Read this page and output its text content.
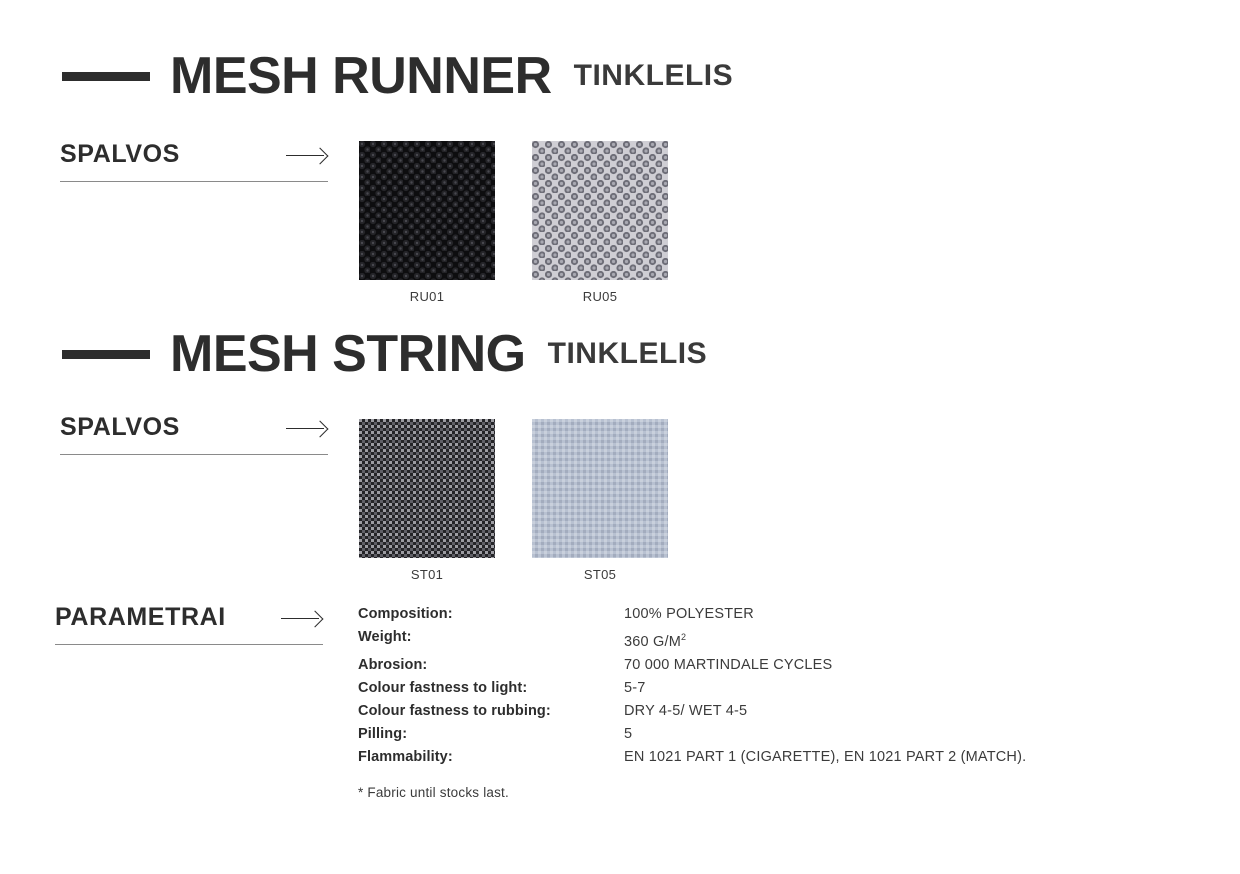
MESH RUNNER TINKLELIS
SPALVOS
RU01	RU05
MESH STRING TINKLELIS
SPALVOS
ST01	ST05
PARAMETRAI	Composition:	100% POLYESTER
Weight:	360 $G/M^2$
Abrosion:	70 000 MARTINDALE CYCLES
Colour fastness to light:	5-7
Colour fastness to rubbing:	DRY 4-5/ WET 4-5
Pilling:	5
Flammability:	EN 1021 PART 1 (CIGARETTE), EN 1021 PART 2 (MATCH).
* Fabric until stocks last.
